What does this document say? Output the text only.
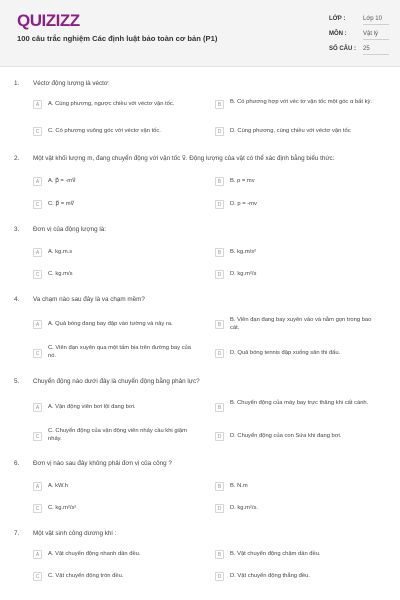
QUIZIZZ
100 câu trắc nghiệm Các định luật bảo toàn cơ bản (P1)
LỚP :	Lớp 10
MÔN :	Vật lý
SỐ CÂU : 25
1. Véctơ động lượng là véctơ:
A	A. Cùng phương, ngược chiều với véctơ vận tốc.	B	B. Có phương hợp với véc tơ vận tốc một góc α bất kỳ.
C	C. Có phương vuông góc với véctơ vận tốc.	D	D. Cùng phương, cùng chiều với véctơ vận tốc
2. Một vật khối lượng m, đang chuyển động với vận tốc v⃗. Động lượng của vật có thể xác định bằng biểu thức:
A	A. p⃗ = -mv⃗	B	B. p = mv
C	C. p⃗ = mv⃗	D	D. p = -mv
3. Đơn vị của động lượng là:
A	A. kg.m.s	B	B. kg.m/s²
C	C. kg.m/s	D	D. kg.m²/s
4. Va chạm nào sau đây là va chạm mềm?
A	A. Quả bóng đang bay đập vào tường và nảy ra.	B
B. Viên đạn đang bay xuyên vào và nằm gọn trong bao cát.
C
C. Viên đạn xuyên qua một tấm bia trên đường bay của nó.	D	D. Quả bóng tennis đập xuống sân thi đấu.
5. Chuyển động nào dưới đây là chuyển động bằng phản lực?
A	A. Vận động viên bơi lội đang bơi.	B
B. Chuyển động của máy bay trực thăng khi cất cánh.
C
C. Chuyển động của vận động viên nhảy cầu khi giậm nhảy.	D	D. Chuyển động của con Sứa khi đang bơi.
6. Đơn vị nào sau đây không phải đơn vị của công ?
A	A. kW.h	B	B. N.m
C	C. kg.m²/s²	D	D. kg.m²/s.
7. Một vật sinh công dương khi :
A	A. Vật chuyển động nhanh dần đều.	B	B. Vật chuyển động chậm dần đều.
C	C. Vật chuyển động tròn đều.	D	D. Vật chuyển động thẳng đều.
